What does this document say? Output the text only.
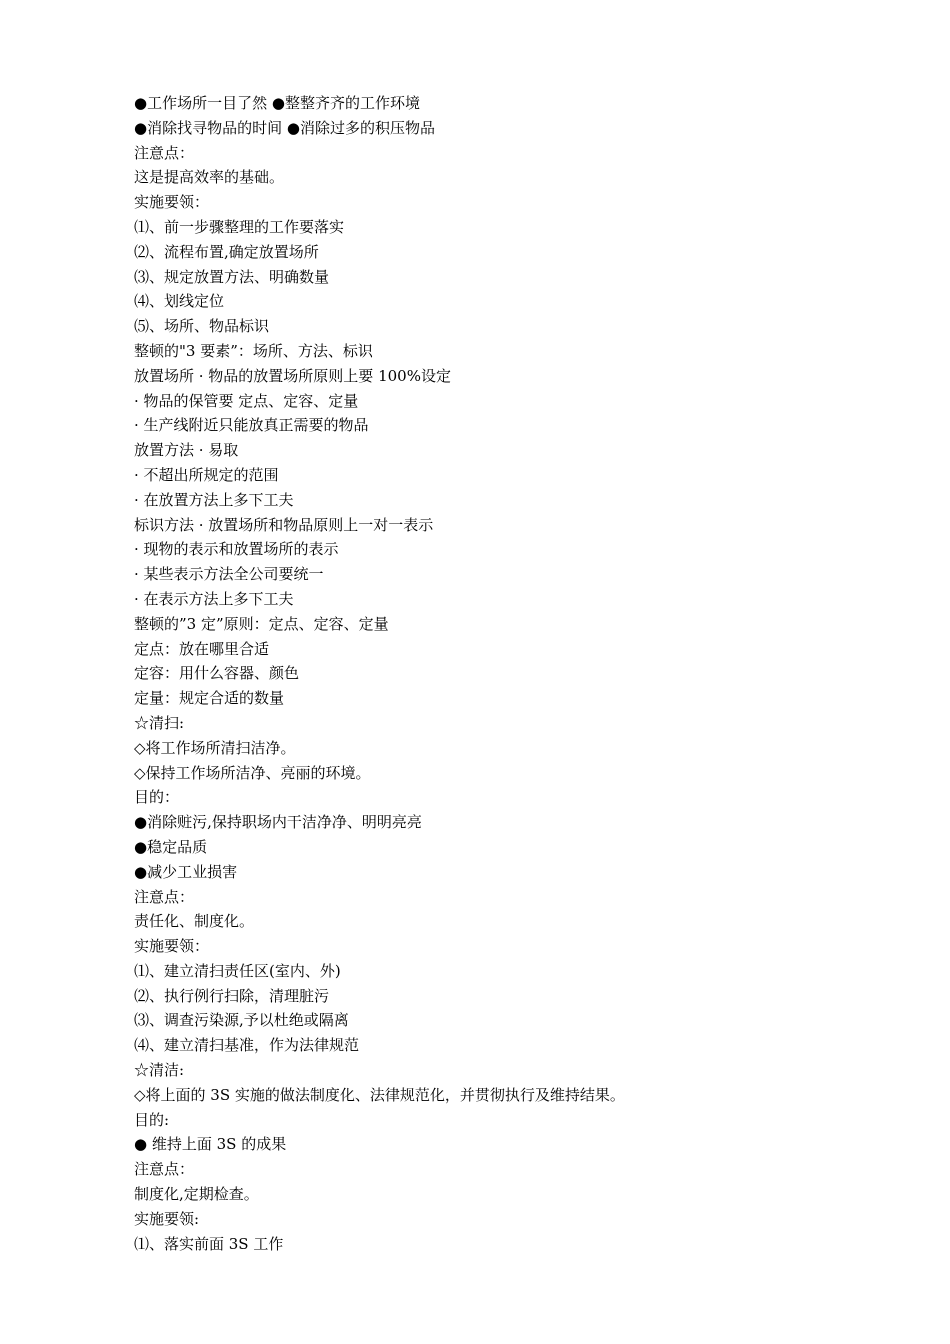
●工作场所一目了然 ●整整齐齐的工作环境
●消除找寻物品的时间 ●消除过多的积压物品
注意点：
这是提高效率的基础。
实施要领：
⑴、前一步骤整理的工作要落实
⑵、流程布置,确定放置场所
⑶、规定放置方法、明确数量
⑷、划线定位
⑸、场所、物品标识
整顿的"3 要素”：场所、方法、标识
放置场所 · 物品的放置场所原则上要 100%设定
· 物品的保管要 定点、定容、定量
· 生产线附近只能放真正需要的物品
放置方法 · 易取
· 不超出所规定的范围
· 在放置方法上多下工夫
标识方法 · 放置场所和物品原则上一对一表示
· 现物的表示和放置场所的表示
· 某些表示方法全公司要统一
· 在表示方法上多下工夫
整顿的”3 定”原则：定点、定容、定量
定点：放在哪里合适
定容：用什么容器、颜色
定量：规定合适的数量
☆清扫:
◇将工作场所清扫洁净。
◇保持工作场所洁净、亮丽的环境。
目的：
●消除赃污,保持职场内干洁净净、明明亮亮
●稳定品质
●减少工业损害
注意点：
责任化、制度化。
实施要领：
⑴、建立清扫责任区(室内、外)
⑵、执行例行扫除，清理脏污
⑶、调查污染源,予以杜绝或隔离
⑷、建立清扫基准，作为法律规范
☆清洁:
◇将上面的 3S 实施的做法制度化、法律规范化，并贯彻执行及维持结果。
目的:
● 维持上面 3S 的成果
注意点：
制度化,定期检查。
实施要领:
⑴、落实前面 3S 工作
